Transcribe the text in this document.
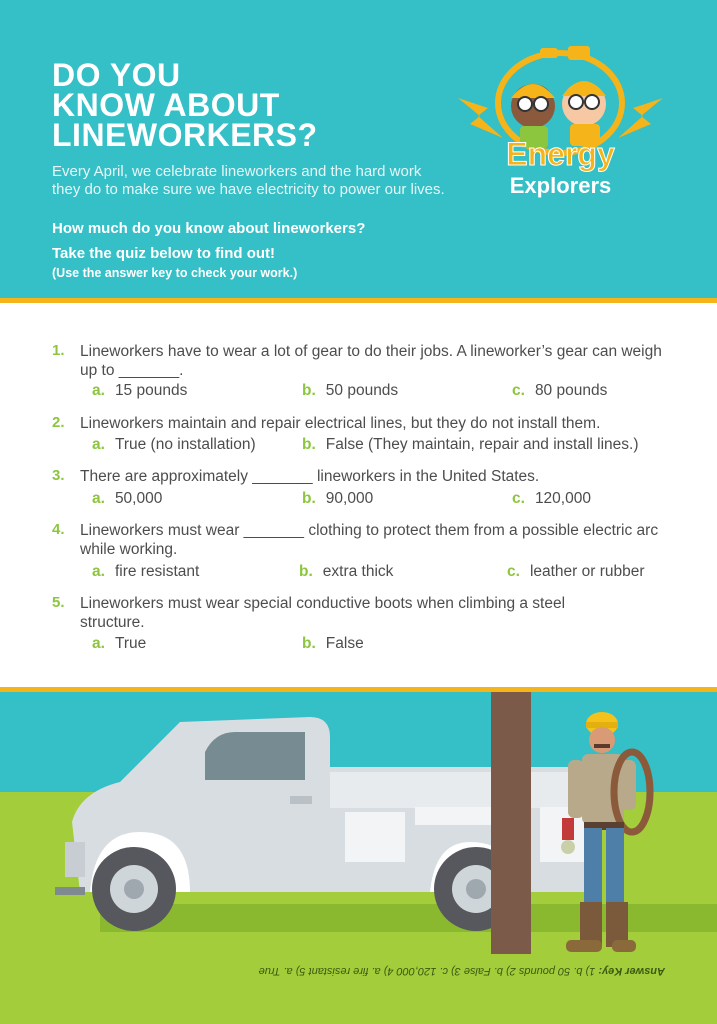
DO YOU
KNOW ABOUT
LINEWORKERS?
Every April, we celebrate lineworkers and the hard work they do to make sure we have electricity to power our lives.
How much do you know about lineworkers?
Take the quiz below to find out!
(Use the answer key to check your work.)
Energy
Explorers
1. Lineworkers have to wear a lot of gear to do their jobs. A lineworker’s gear can weigh up to _______.
a. 15 pounds	b. 50 pounds	c. 80 pounds
2. Lineworkers maintain and repair electrical lines, but they do not install them.
a. True (no installation)	b. False (They maintain, repair and install lines.)
3. There are approximately _______ lineworkers in the United States.
a. 50,000	b. 90,000	c. 120,000
4. Lineworkers must wear _______ clothing to protect them from a possible electric arc while working.
a. fire resistant	b. extra thick	c. leather or rubber
5. Lineworkers must wear special conductive boots when climbing a steel structure.
a. True	b. False
Answer Key: 1) b. 50 pounds 2) b. False 3) c. 120,000 4) a. fire resistant 5) a. True
